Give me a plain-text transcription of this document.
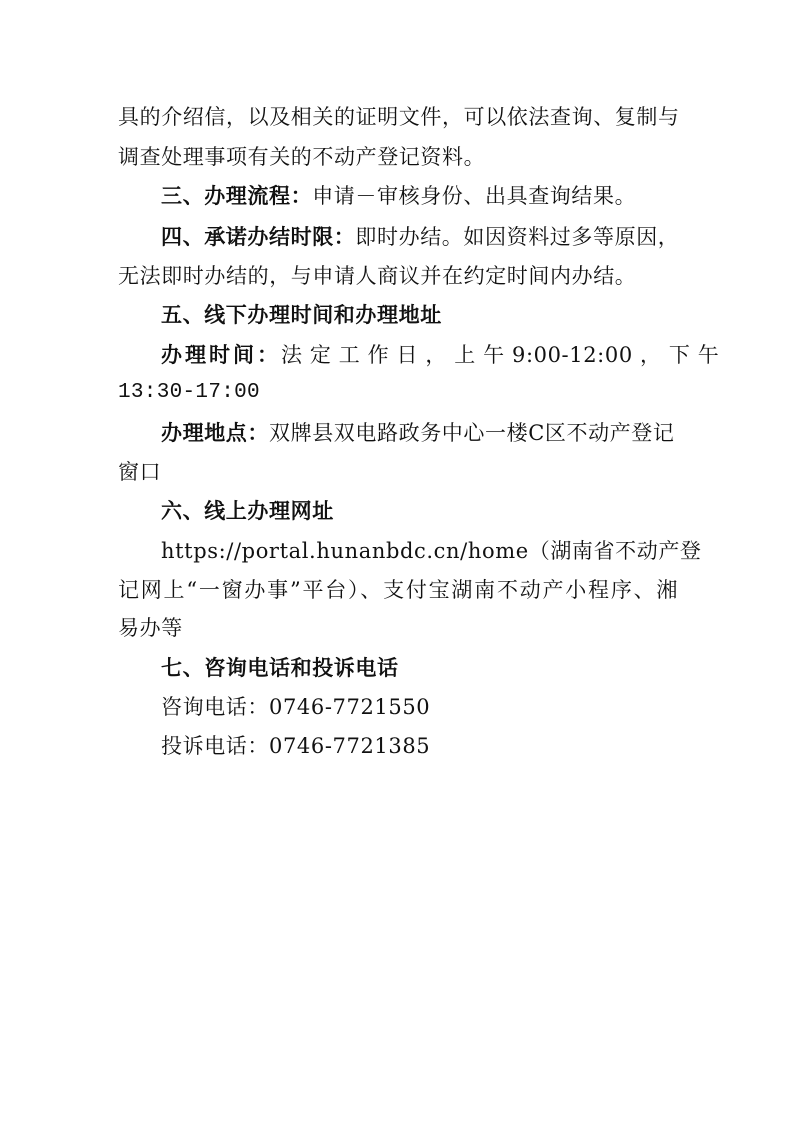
具的介绍信，以及相关的证明文件，可以依法查询、复制与
调查处理事项有关的不动产登记资料。
三、办理流程：申请－审核身份、出具查询结果。
四、承诺办结时限：即时办结。如因资料过多等原因，
无法即时办结的，与申请人商议并在约定时间内办结。
五、线下办理时间和办理地址
办理时间：法 定 工 作 日 ， 上 午 9:00-12:00 ， 下 午
13:30-17:00
办理地点：双牌县双电路政务中心一楼C区不动产登记
窗口
六、线上办理网址
https://portal.hunanbdc.cn/home（湖南省不动产登
记网上“一窗办事”平台）、支付宝湖南不动产小程序、湘
易办等
七、咨询电话和投诉电话
咨询电话：0746-7721550
投诉电话：0746-7721385
